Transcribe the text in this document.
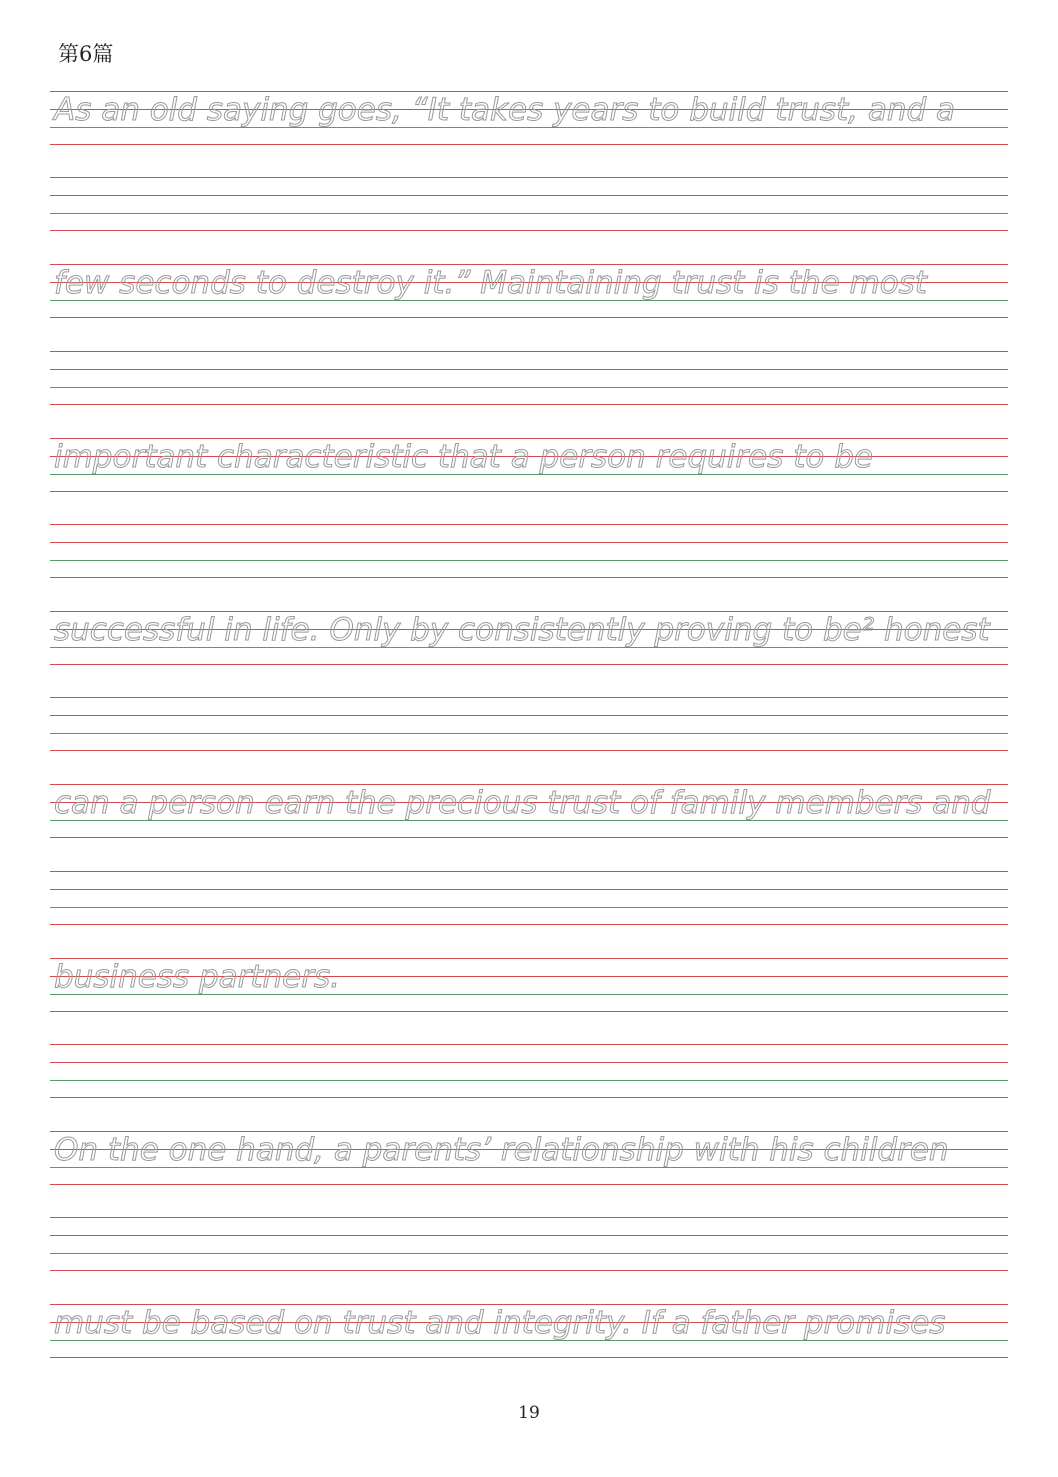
第6篇
As an old saying goes, “It takes years to build trust, and a
few seconds to destroy it.” Maintaining trust is the most
important characteristic that a person requires to be
successful in life. Only by consistently proving to be² honest
can a person earn the precious trust of family members and
business partners.
On the one hand, a parents’ relationship with his children
must be based on trust and integrity. If a father promises
19
